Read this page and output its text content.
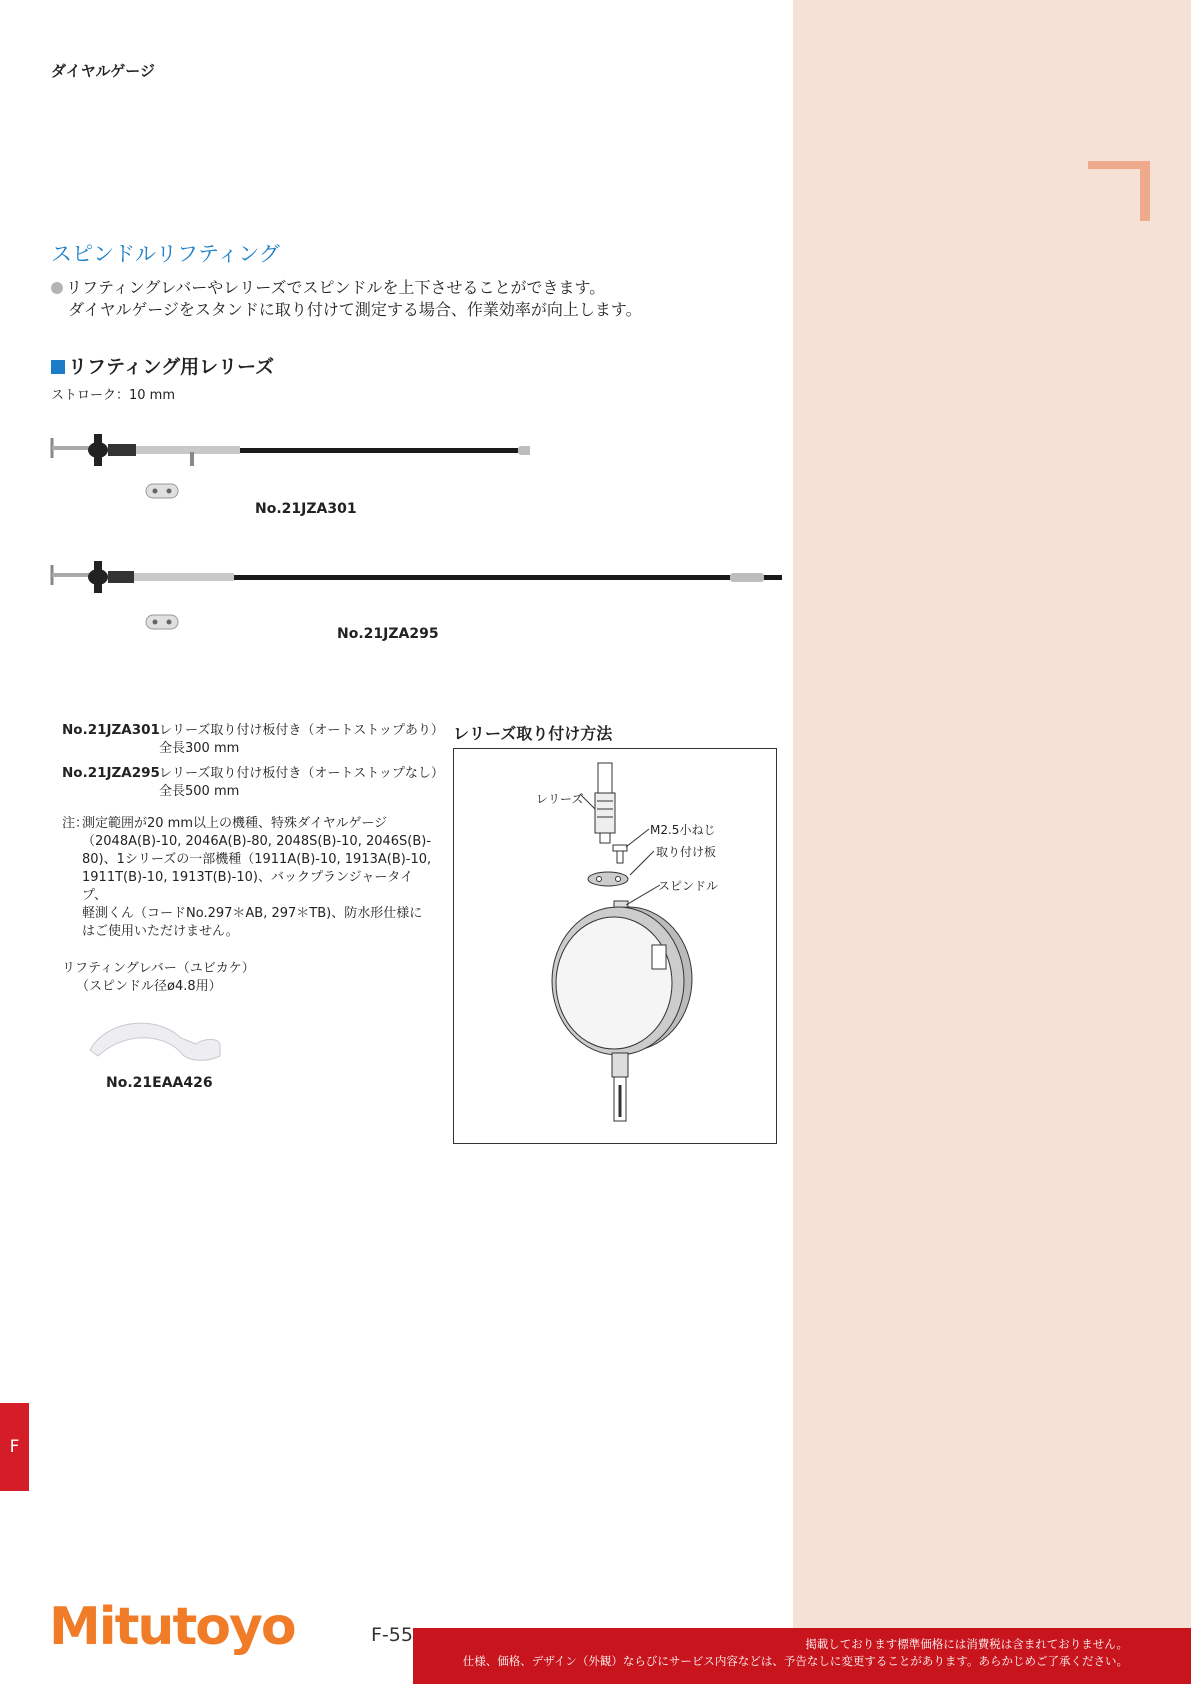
ダイヤルゲージ
スピンドルリフティング
リフティングレバーやレリーズでスピンドルを上下させることができます。
ダイヤルゲージをスタンドに取り付けて測定する場合、作業効率が向上します。
リフティング用レリーズ
ストローク：10 mm
No.21JZA301
No.21JZA295
No.21JZA301 レリーズ取り付け板付き（オートストップあり）
全長300 mm
No.21JZA295 レリーズ取り付け板付き（オートストップなし）
全長500 mm
注：
測定範囲が20 mm以上の機種、特殊ダイヤルゲージ
（2048A(B)-10, 2046A(B)-80, 2048S(B)-10, 2046S(B)-
80)、1シリーズの一部機種（1911A(B)-10, 1913A(B)-10,
1911T(B)-10, 1913T(B)-10)、バックプランジャータイプ、
軽測くん（コードNo.297＊AB, 297＊TB)、防水形仕様に
はご使用いただけません。
レリーズ取り付け方法
レリーズ
M2.5小ねじ
取り付け板
スピンドル
リフティングレバー（ユビカケ）
（スピンドル径ø4.8用）
No.21EAA426
F
Mitutoyo	F-55	掲載しております標準価格には消費税は含まれておりません。
仕様、価格、デザイン（外観）ならびにサービス内容などは、予告なしに変更することがあります。あらかじめご了承ください。
